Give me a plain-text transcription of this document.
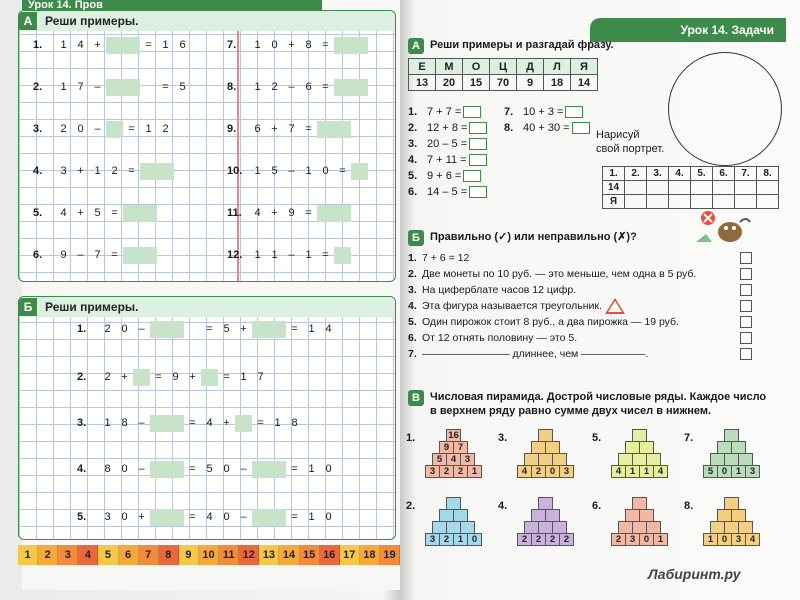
Урок 14. Пров
А	Реши примеры.
1. 1 4 +	= 1 6
2. 1 7 –	= 5
3. 2 0 –	= 1 2
4. 3 + 1 2 =
5. 4 + 5 =
6. 9 – 7 =
7. 1 0 + 8 =
8. 1 2 – 6 =
9. 6 + 7 =
10. 1 5 – 1 0 =
11. 4 + 9 =
12. 1 1 – 1 =
Б	Реши примеры.
1. 2 0 –	= 5 +	= 1 4
2. 2 +	= 9 +	= 1 7
3. 1 8 –	= 4 +	= 1 8
4. 8 0 –	= 5 0 –	= 1 0
5. 3 0 +	= 4 0 –	= 1 0
1	2	3	4	5	6	7	8	9 10 11 12 13 14 15 16 17 18 19
Урок 14. Задачи
А Реши примеры и разгадай фразу.
Е	М	О	Ц	Д	Л	Я
13	20	15	70	9	18	14
1. 7 + 7 =
2. 12 + 8 =
3. 20 – 5 =
4. 7 + 11 =
5. 9 + 6 =
6. 14 – 5 =
7. 10 + 3 =
8. 40 + 30 =
Нарисуй
свой портрет.
1.	2.	3.	4.	5.	6.	7.	8.
14							
Я							
Б Правильно (✓) или неправильно (✗)?
1. 7 + 6 = 12
2. Две монеты по 10 руб. — это меньше, чем одна в 5 руб.
3. На циферблате часов 12 цифр.
4. Эта фигура называется треугольник.
5. Один пирожок стоит 8 руб., а два пирожка — 19 руб.
6. От 12 отнять половину — это 5.
7. ––––––––––––––– длиннее, чем –––––––––––.
В Числовая пирамида. Дострой числовые ряды. Каждое число
в верхнем ряду равно сумме двух чисел в нижнем.
1.	16
9 7
5 4 3
3 2 2 1
3.
4 2 0 3
5.
4 1 1 4
7.
5 0 1 3
2.
3 2 1 0
4.
2 2 2 2
6.
2 3 0 1
8.
1 0 3 4
Лабиринт.ру
